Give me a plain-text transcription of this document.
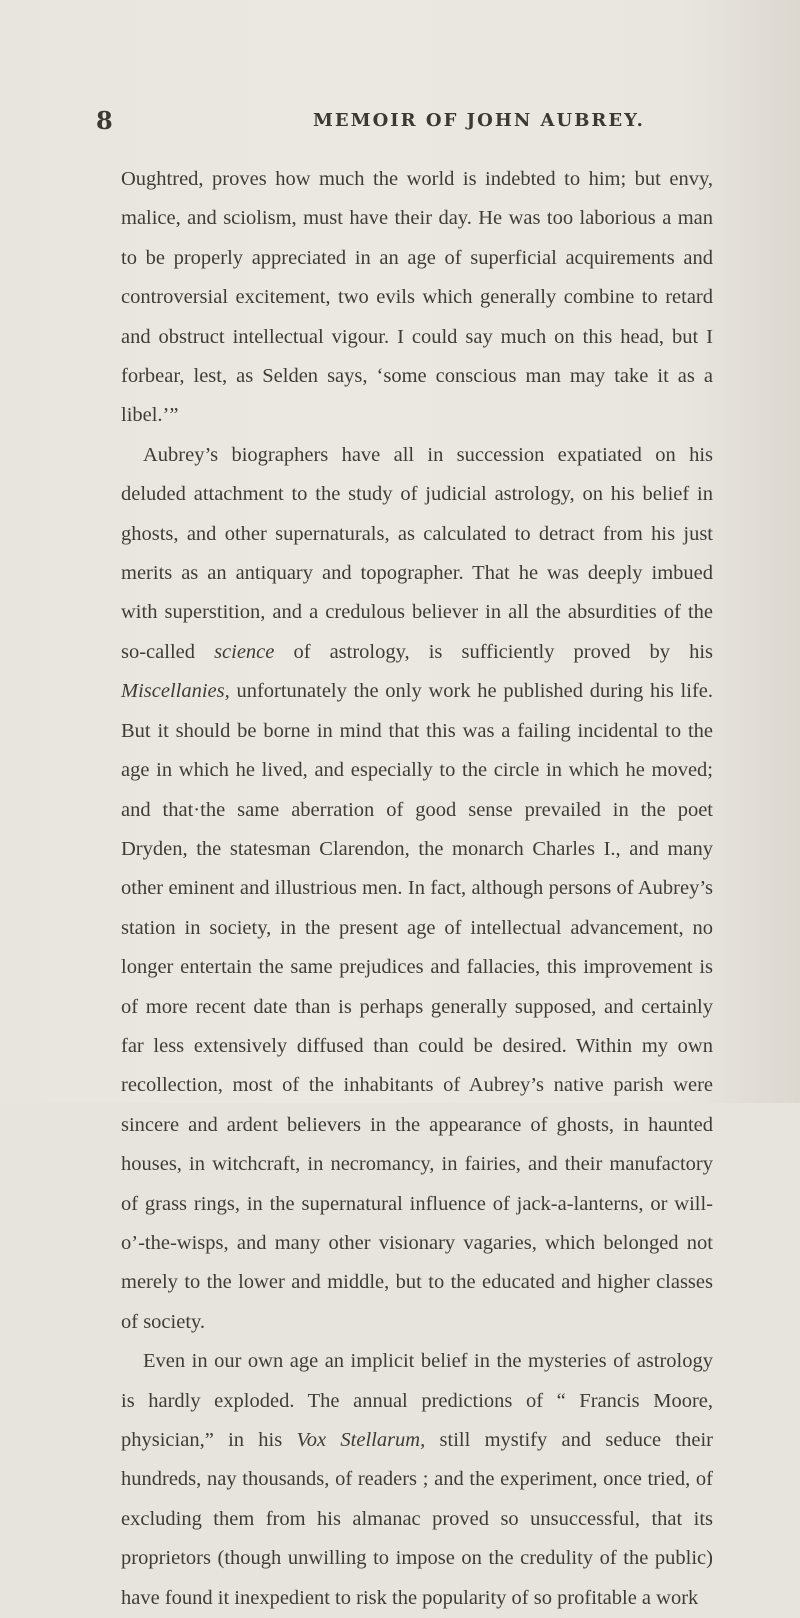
8	MEMOIR OF JOHN AUBREY.

Oughtred, proves how much the world is indebted to him; but envy, malice, and sciolism, must have their day. He was too laborious a man to be properly appreciated in an age of superficial acquirements and controversial excitement, two evils which generally combine to retard and obstruct intellectual vigour. I could say much on this head, but I forbear, lest, as Selden says, ‘some conscious man may take it as a libel.’”

Aubrey’s biographers have all in succession expatiated on his deluded attachment to the study of judicial astrology, on his belief in ghosts, and other supernaturals, as calculated to detract from his just merits as an antiquary and topographer. That he was deeply imbued with superstition, and a credulous believer in all the absurdities of the so-called science of astrology, is sufficiently proved by his Miscellanies, unfortunately the only work he published during his life. But it should be borne in mind that this was a failing incidental to the age in which he lived, and especially to the circle in which he moved; and that·the same aberration of good sense prevailed in the poet Dryden, the statesman Clarendon, the monarch Charles I., and many other eminent and illustrious men. In fact, although persons of Aubrey’s station in society, in the present age of intellectual advancement, no longer entertain the same prejudices and fallacies, this improvement is of more recent date than is perhaps generally supposed, and certainly far less extensively diffused than could be desired. Within my own recollection, most of the inhabitants of Aubrey’s native parish were sincere and ardent believers in the appearance of ghosts, in haunted houses, in witchcraft, in necromancy, in fairies, and their manufactory of grass rings, in the supernatural influence of jack-a-lanterns, or will-o’-the-wisps, and many other visionary vagaries, which belonged not merely to the lower and middle, but to the educated and higher classes of society.

Even in our own age an implicit belief in the mysteries of astrology is hardly exploded. The annual predictions of “ Francis Moore, physician,” in his Vox Stellarum, still mystify and seduce their hundreds, nay thousands, of readers ; and the experiment, once tried, of excluding them from his almanac proved so unsuccessful, that its proprietors (though unwilling to impose on the credulity of the public) have found it inexpedient to risk the popularity of so profitable a work
